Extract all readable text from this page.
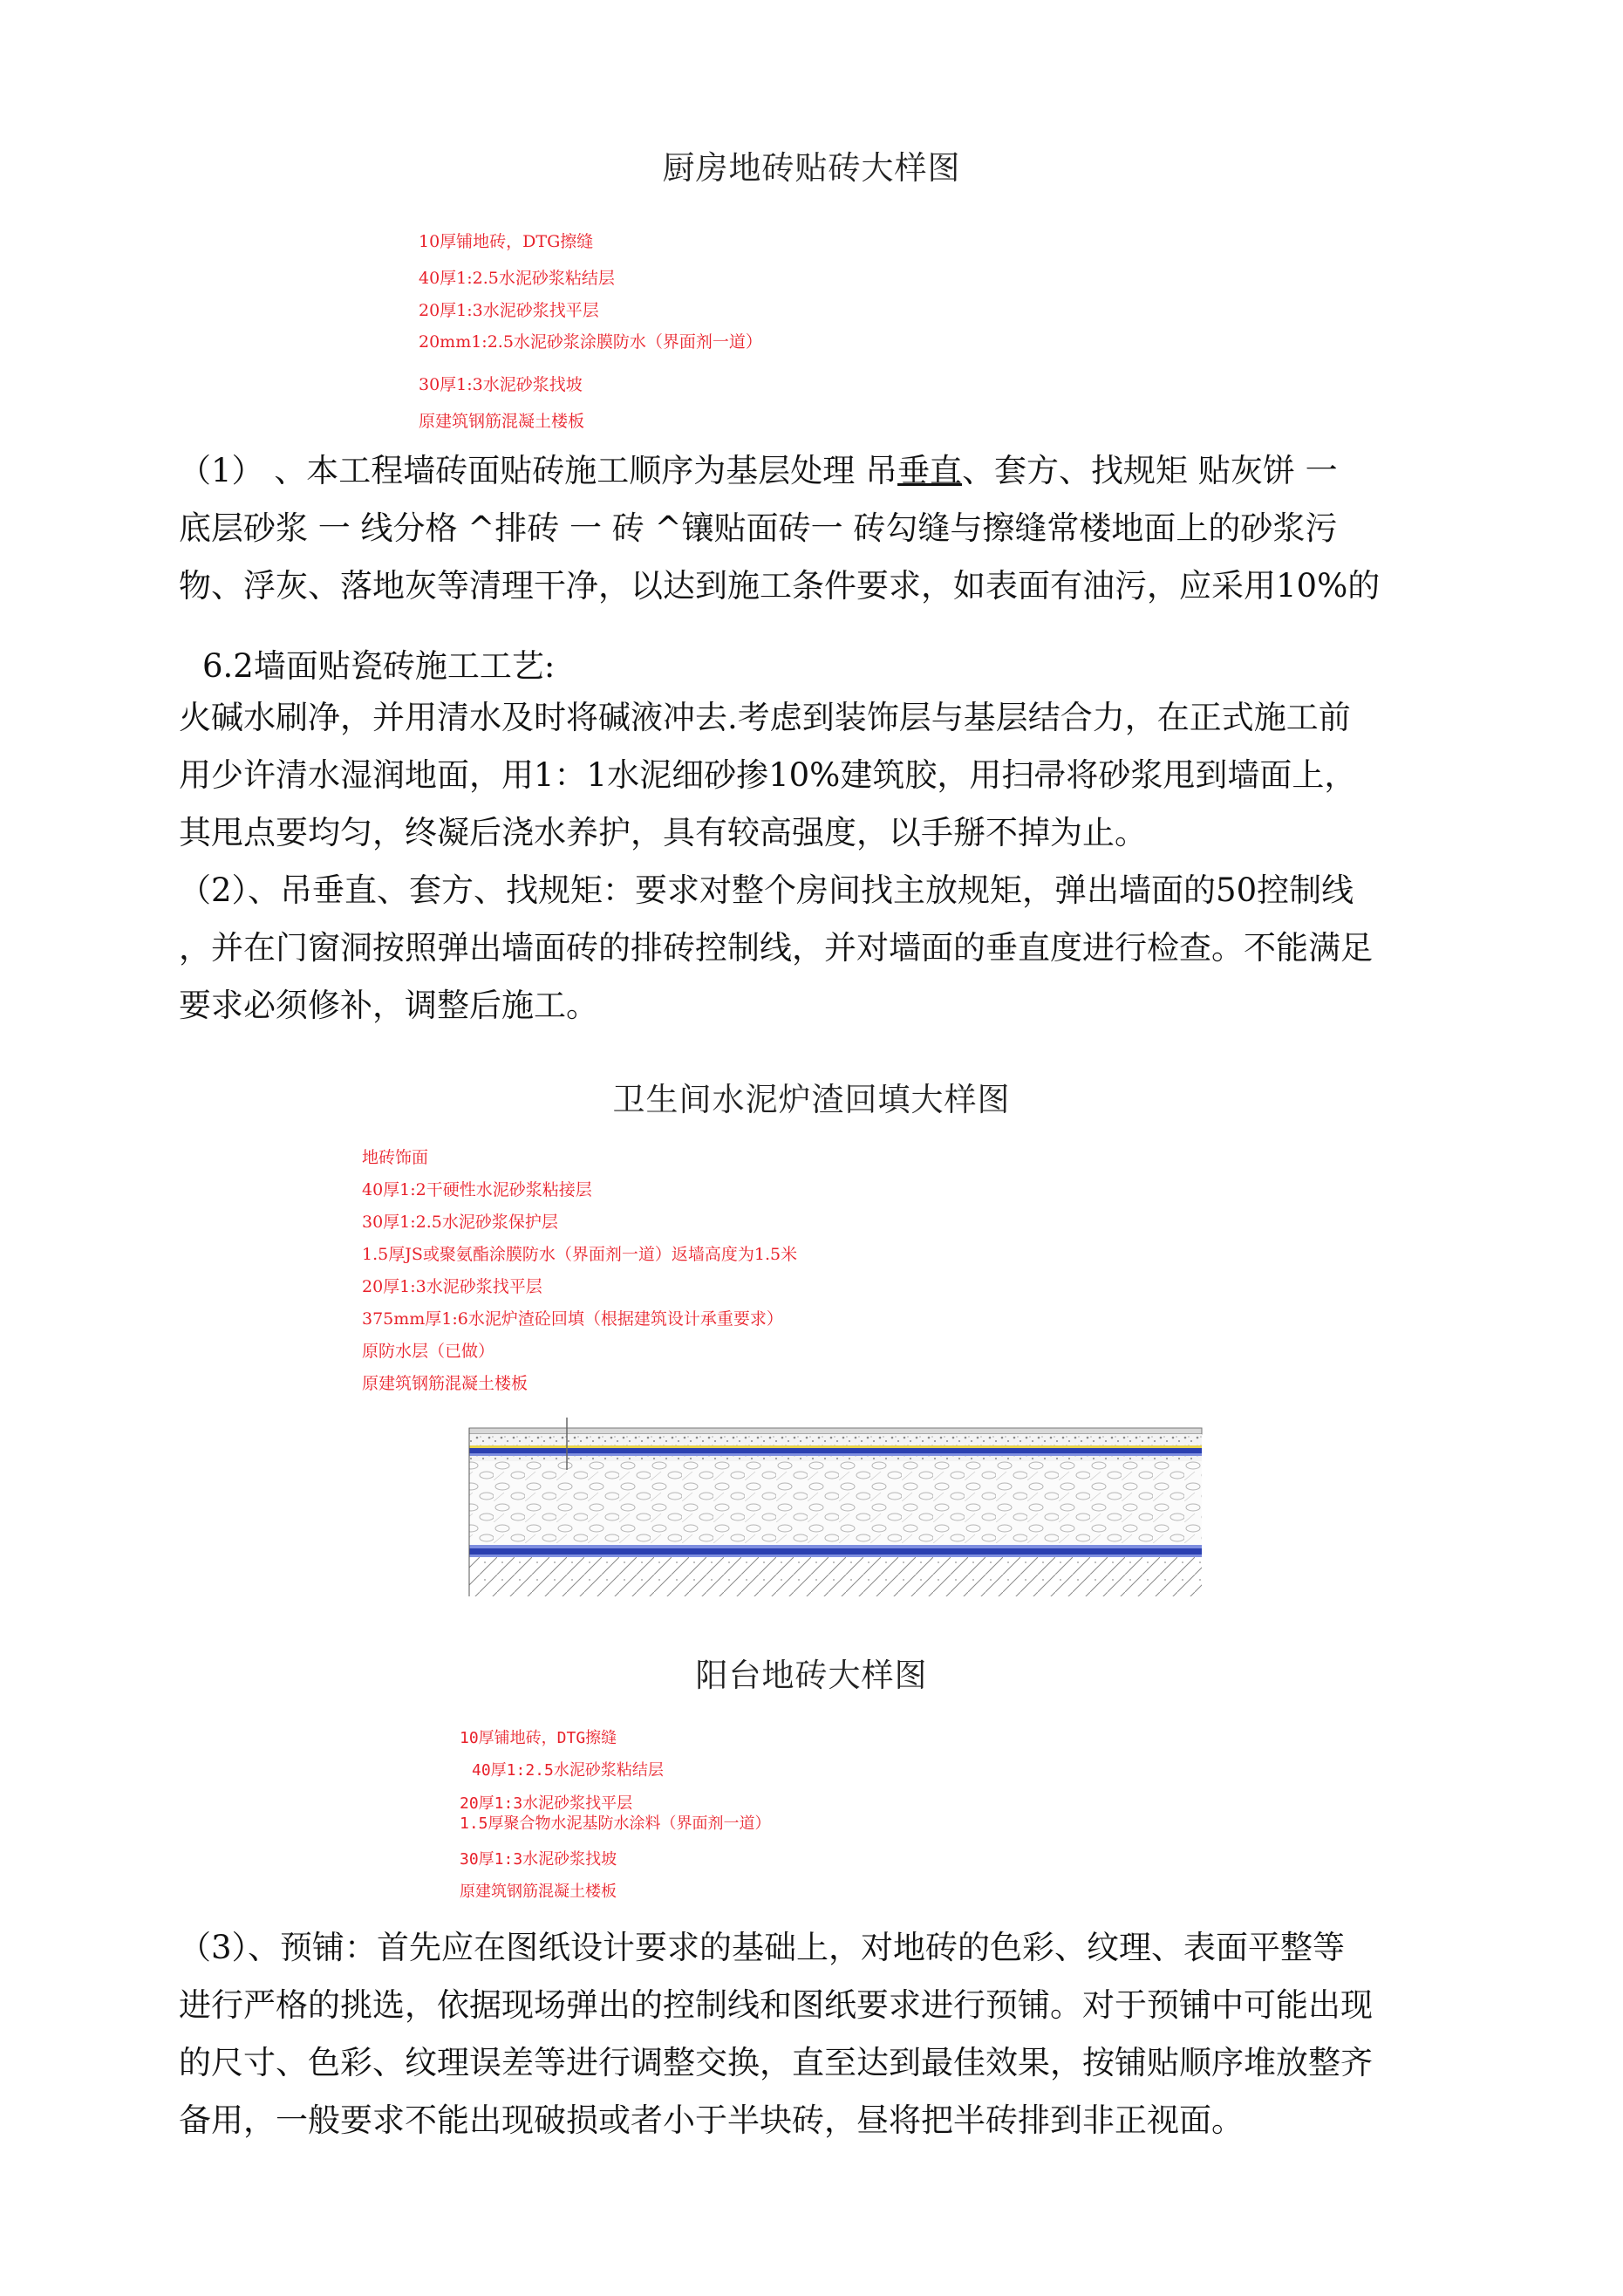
厨房地砖贴砖大样图
10厚铺地砖，DTG擦缝
40厚1:2.5水泥砂浆粘结层
20厚1:3水泥砂浆找平层
20mm1:2.5水泥砂浆涂膜防水（界面剂一道）
30厚1:3水泥砂浆找坡
原建筑钢筋混凝土楼板
（1） 、本工程墙砖面贴砖施工顺序为基层处理 吊垂直、套方、找规矩 贴灰饼 一
底层砂浆 一 线分格 ^排砖 一 砖 ^镶贴面砖一 砖勾缝与擦缝常楼地面上的砂浆污
物、浮灰、落地灰等清理干净，以达到施工条件要求，如表面有油污，应采用10%的
6.2墙面贴瓷砖施工工艺:
火碱水刷净，并用清水及时将碱液冲去.考虑到装饰层与基层结合力，在正式施工前
用少许清水湿润地面，用1：1水泥细砂掺10%建筑胶，用扫帚将砂浆甩到墙面上，
其甩点要均匀，终凝后浇水养护，具有较高强度，以手掰不掉为止。
（2）、吊垂直、套方、找规矩：要求对整个房间找主放规矩，弹出墙面的50控制线
，并在门窗洞按照弹出墙面砖的排砖控制线，并对墙面的垂直度进行检查。不能满足
要求必须修补，调整后施工。
卫生间水泥炉渣回填大样图
地砖饰面
40厚1:2干硬性水泥砂浆粘接层
30厚1:2.5水泥砂浆保护层
1.5厚JS或聚氨酯涂膜防水（界面剂一道）返墙高度为1.5米
20厚1:3水泥砂浆找平层
375mm厚1:6水泥炉渣砼回填（根据建筑设计承重要求）
原防水层（已做）
原建筑钢筋混凝土楼板
阳台地砖大样图
10厚铺地砖，DTG擦缝
40厚1:2.5水泥砂浆粘结层
20厚1:3水泥砂浆找平层
1.5厚聚合物水泥基防水涂料（界面剂一道）
30厚1:3水泥砂浆找坡
原建筑钢筋混凝土楼板
（3）、预铺：首先应在图纸设计要求的基础上，对地砖的色彩、纹理、表面平整等
进行严格的挑选，依据现场弹出的控制线和图纸要求进行预铺。对于预铺中可能出现
的尺寸、色彩、纹理误差等进行调整交换，直至达到最佳效果，按铺贴顺序堆放整齐
备用，一般要求不能出现破损或者小于半块砖，昼将把半砖排到非正视面。
